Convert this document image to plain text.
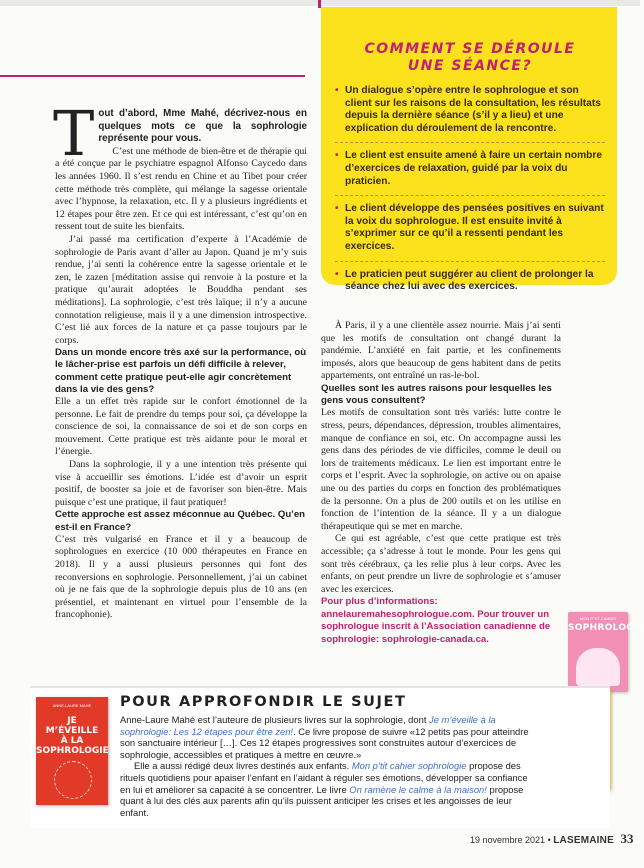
COMMENT SE DÉROULE
UNE SÉANCE?
• Un dialogue s’opère entre le sophrologue et son client sur les raisons de la consultation, les résultats depuis la dernière séance (s’il y a lieu) et une explication du déroulement de la rencontre.
• Le client est ensuite amené à faire un certain nombre d’exercices de relaxation, guidé par la voix du praticien.
• Le client développe des pensées positives en suivant la voix du sophrologue. Il est ensuite invité à s’exprimer sur ce qu’il a ressenti pendant les exercices.
• Le praticien peut suggérer au client de prolonger la séance chez lui avec des exercices.
T out d’abord, Mme Mahé, décrivez-nous en quelques mots ce que la sophrologie représente pour vous.

C’est une méthode de bien-être et de thérapie qui a été conçue par le psychiatre espagnol Alfonso Caycedo dans les années 1960. Il s’est rendu en Chine et au Tibet pour créer cette méthode très complète, qui mélange la sagesse orientale avec l’hypnose, la relaxation, etc. Il y a plusieurs ingrédients et 12 étapes pour être zen. Et ce qui est intéressant, c’est qu’on en ressent tout de suite les bienfaits.

J’ai passé ma certification d’experte à l’Académie de sophrologie de Paris avant d’aller au Japon. Quand je m’y suis rendue, j’ai senti la cohérence entre la sagesse orientale et le zen, le zazen [méditation assise qui renvoie à la posture et la pratique qu’aurait adoptées le Bouddha pendant ses méditations]. La sophrologie, c’est très laïque; il n’y a aucune connotation religieuse, mais il y a une dimension introspective. C’est lié aux forces de la nature et ça passe toujours par le corps.

Dans un monde encore très axé sur la performance, où le lâcher-prise est parfois un défi difficile à relever, comment cette pratique peut-elle agir concrètement dans la vie des gens?

Elle a un effet très rapide sur le confort émotionnel de la personne. Le fait de prendre du temps pour soi, ça développe la conscience de soi, la connaissance de soi et de son corps en mouvement. Cette pratique est très aidante pour le moral et l’énergie.

Dans la sophrologie, il y a une intention très présente qui vise à accueillir ses émotions. L’idée est d’avoir un esprit positif, de booster sa joie et de favoriser son bien-être. Mais puisque c’est une pratique, il faut pratiquer!

Cette approche est assez méconnue au Québec. Qu’en est-il en France?

C’est très vulgarisé en France et il y a beaucoup de sophrologues en exercice (10 000 thérapeutes en France en 2018). Il y a aussi plusieurs personnes qui font des reconversions en sophrologie. Personnellement, j’ai un cabinet où je ne fais que de la sophrologie depuis plus de 10 ans (en présentiel, et maintenant en virtuel pour l’ensemble de la francophonie).

À Paris, il y a une clientèle assez nourrie. Mais j’ai senti que les motifs de consultation ont changé durant la pandémie. L’anxiété en fait partie, et les confinements imposés, alors que beaucoup de gens habitent dans de petits appartements, ont entraîné un ras-le-bol.

Quelles sont les autres raisons pour lesquelles les gens vous consultent?

Les motifs de consultation sont très variés: lutte contre le stress, peurs, dépendances, dépression, troubles alimentaires, manque de confiance en soi, etc. On accompagne aussi les gens dans des périodes de vie difficiles, comme le deuil ou lors de traitements médicaux. Le lien est important entre le corps et l’esprit. Avec la sophrologie, on active ou on apaise une ou des parties du corps en fonction des problématiques de la personne. On a plus de 200 outils et on les utilise en fonction de l’intention de la séance. Il y a un dialogue thérapeutique qui se met en marche.

Ce qui est agréable, c’est que cette pratique est très accessible; ça s’adresse à tout le monde. Pour les gens qui sont très cérébraux, ça les relie plus à leur corps. Avec les enfants, on peut prendre un livre de sophrologie et s’amuser avec les exercices.

Pour plus d’informations: annelauremahesophrologue.com. Pour trouver un sophrologue inscrit à l’Association canadienne de sophrologie: sophrologie-canada.ca.

MON P’TIT CAHIER
SOPHROLOGIE
ANNE-LAURE MAHÉ
JE
M’ÉVEILLE
À LA
SOPHROLOGIE
POUR APPROFONDIR LE SUJET

Anne-Laure Mahé est l’auteure de plusieurs livres sur la sophrologie, dont Je m’éveille à la sophrologie: Les 12 étapes pour être zen!. Ce livre propose de suivre «12 petits pas pour atteindre son sanctuaire intérieur […]. Ces 12 étapes progressives sont construites autour d’exercices de sophrologie, accessibles et pratiques à mettre en œuvre.»

Elle a aussi rédigé deux livres destinés aux enfants. Mon p’tit cahier sophrologie propose des rituels quotidiens pour apaiser l’enfant en l’aidant à réguler ses émotions, développer sa confiance en lui et améliorer sa capacité à se concentrer. Le livre On ramène le calme à la maison! propose quant à lui des clés aux parents afin qu’ils puissent anticiper les crises et les angoisses de leur enfant.

19 novembre 2021 • LASEMAINE 33
